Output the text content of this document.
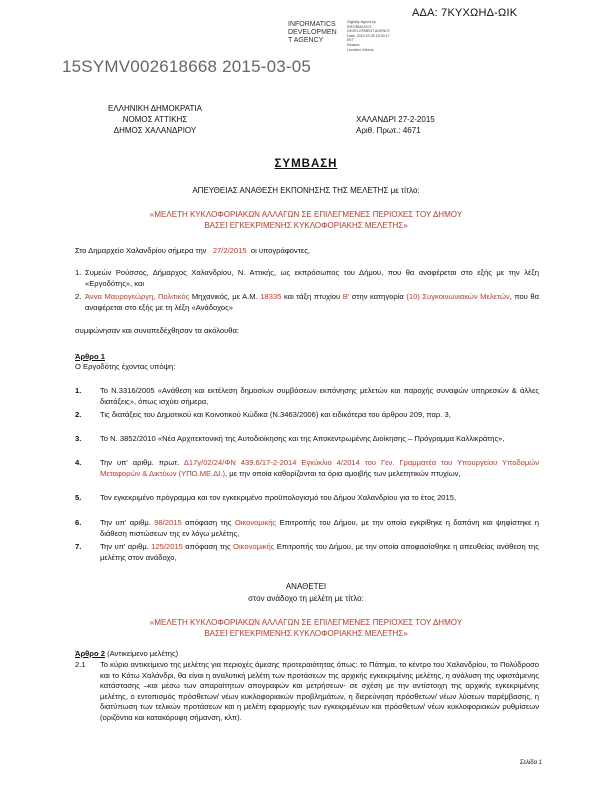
ΑΔΑ: 7ΚΥΧΩΗΔ-ΩΙΚ
INFORMATICS
DEVELOPMEN
T AGENCY
Digitally signed by
INFORMATICS
DEVELOPMENT AGENCY
Date: 2015.03.05 15:30:17
EET
Reason:
Location: Athens
15SYMV002618668 2015-03-05
ΕΛΛΗΝΙΚΗ ΔΗΜΟΚΡΑΤΙΑ
ΝΟΜΟΣ ΑΤΤΙΚΗΣ
ΔΗΜΟΣ ΧΑΛΑΝΔΡΙΟΥ
ΧΑΛΑΝΔΡΙ 27-2-2015
Αριθ. Πρωτ.: 4671
ΣΥΜΒΑΣΗ
ΑΠΕΥΘΕΙΑΣ ΑΝΑΘΕΣΗ ΕΚΠΟΝΗΣΗΣ ΤΗΣ ΜΕΛΕΤΗΣ με τίτλο:
«ΜΕΛΕΤΗ ΚΥΚΛΟΦΟΡΙΑΚΩΝ ΑΛΛΑΓΩΝ ΣΕ ΕΠΙΛΕΓΜΕΝΕΣ ΠΕΡΙΟΧΕΣ ΤΟΥ ΔΗΜΟΥ
ΒΑΣΕΙ ΕΓΚΕΚΡΙΜΕΝΗΣ ΚΥΚΛΟΦΟΡΙΑΚΗΣ ΜΕΛΕΤΗΣ»
Στο Δημαρχείο Χαλανδρίου σήμερα την 27/2/2015 οι υπογράφοντες,
1. Συμεών Ρούσσος, Δήμαρχος Χαλανδρίου, Ν. Αττικής, ως εκπρόσωπος του Δήμου, που θα αναφέρεται στο εξής με την λέξη «Εργοδότης», και
2. Άννα Μαυρογεώργη, Πολιτικός Μηχανικός, με Α.Μ. 18335 και τάξη πτυχίου Β' στην κατηγορία (10) Συγκοινωνιακών Μελετών, που θα αναφέρεται στο εξής με τη λέξη «Ανάδοχος»
συμφώνησαν και συναπεδέχθησαν τα ακόλουθα:
Άρθρο 1
Ο Εργοδότης έχοντας υπόψη:
1. Το Ν.3316/2005 «Ανάθεση και εκτέλεση δημοσίων συμβάσεων εκπόνησης μελετών και παροχής συναφών υπηρεσιών & άλλες διατάξεις», όπως ισχύει σήμερα,
2. Τις διατάξεις του Δημοτικού και Κοινοτικού Κώδικα (Ν.3463/2006) και ειδικότερα του άρθρου 209, παρ. 3,
3. Το Ν. 3852/2010 «Νέα Αρχιτεκτονική της Αυτοδιοίκησης και της Αποκεντρωμένης Διοίκησης – Πρόγραμμα Καλλικράτης»,
4. Την υπ' αριθμ. πρωτ. Δ17γ/02/24/ΦΝ 439.6/17-2-2014 Εγκύκλιο 4/2014 του Γεν. Γραμματέα του Υπουργείου Υποδομών Μεταφορών & Δικτύων (ΥΠΟ.ΜΕ.ΔΙ.), με την οποία καθορίζονται τα όρια αμοιβής των μελετητικών πτυχίων,
5. Τον εγκεκριμένο πρόγραμμα και τον εγκεκριμένο προϋπολογισμό του Δήμου Χαλανδρίου για το έτος 2015,
6. Την υπ' αριθμ. 98/2015 απόφαση της Οικονομικής Επιτροπής του Δήμου, με την οποία εγκρίθηκε η δαπάνη και ψηφίστηκε η διάθεση πιστώσεων της εν λόγω μελέτης,
7. Την υπ' αριθμ. 125/2015 απόφαση της Οικονομικής Επιτροπής του Δήμου, με την οποία αποφασίσθηκε η απευθείας ανάθεση της μελέτης στον ανάδοχο,
ΑΝΑΘΕΤΕΙ
στον ανάδοχο τη μελέτη με τίτλο:
«ΜΕΛΕΤΗ ΚΥΚΛΟΦΟΡΙΑΚΩΝ ΑΛΛΑΓΩΝ ΣΕ ΕΠΙΛΕΓΜΕΝΕΣ ΠΕΡΙΟΧΕΣ ΤΟΥ ΔΗΜΟΥ
ΒΑΣΕΙ ΕΓΚΕΚΡΙΜΕΝΗΣ ΚΥΚΛΟΦΟΡΙΑΚΗΣ ΜΕΛΕΤΗΣ»
Άρθρο 2 (Αντικείμενο μελέτης)
2.1 Το κύριο αντικείμενο της μελέτης για περιοχές άμεσης προτεραιότητας όπως: το Πάτημα, το κέντρο του Χαλανδρίου, το Πολύδροσο και το Κάτω Χαλάνδρι, θα είναι η αναλυτική μελέτη των προτάσεων της αρχικής εγκεκριμένης μελέτης, η ανάλυση της υφιστάμενης κατάστασης –και μέσω των απαραίτητων απογραφών και μετρήσεων- σε σχέση με την αντίστοιχη της αρχικής εγκεκριμένης μελέτης, ο εντοπισμός πρόσθετων/ νέων κυκλοφοριακών προβλημάτων, η διερεύνηση πρόσθετων/ νέων λύσεων παρέμβασης, η διατύπωση των τελικών προτάσεων και η μελέτη εφαρμογής των εγκεκριμένων και πρόσθετων/ νέων κυκλοφοριακών ρυθμίσεων (οριζόντια και κατακόρυφη σήμανση, κλπ).
Σελίδα 1
